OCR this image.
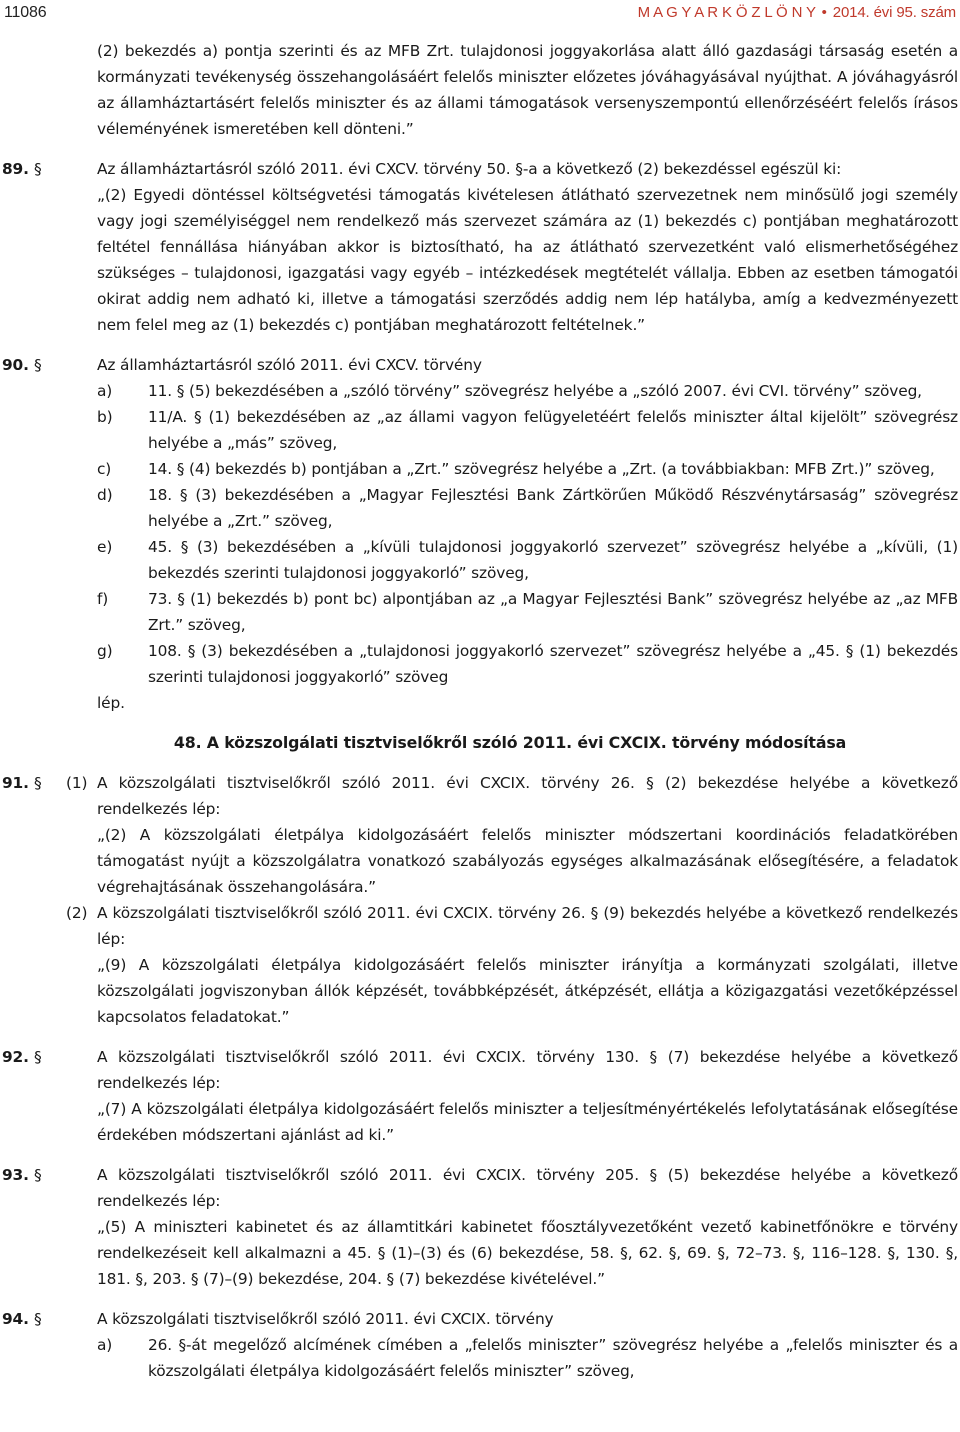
11086	M A G Y A R K Ö Z L Ö N Y • 2014. évi 95. szám

(2) bekezdés a) pontja szerinti és az MFB Zrt. tulajdonosi joggyakorlása alatt álló gazdasági társaság esetén a kormányzati tevékenység összehangolásáért felelős miniszter előzetes jóváhagyásával nyújthat. A jóváhagyásról az államháztartásért felelős miniszter és az állami támogatások versenyszempontú ellenőrzéséért felelős írásos véleményének ismeretében kell dönteni.”

89. §	Az államháztartásról szóló 2011. évi CXCV. törvény 50. §-a a következő (2) bekezdéssel egészül ki:

„(2) Egyedi döntéssel költségvetési támogatás kivételesen átlátható szervezetnek nem minősülő jogi személy vagy jogi személyiséggel nem rendelkező más szervezet számára az (1) bekezdés c) pontjában meghatározott feltétel fennállása hiányában akkor is biztosítható, ha az átlátható szervezetként való elismerhetőségéhez szükséges – tulajdonosi, igazgatási vagy egyéb – intézkedések megtételét vállalja. Ebben az esetben támogatói okirat addig nem adható ki, illetve a támogatási szerződés addig nem lép hatályba, amíg a kedvezményezett nem felel meg az (1) bekezdés c) pontjában meghatározott feltételnek.”

90. §	Az államháztartásról szóló 2011. évi CXCV. törvény

a) 11. § (5) bekezdésében a „szóló törvény” szövegrész helyébe a „szóló 2007. évi CVI. törvény” szöveg,

b) 11/A. § (1) bekezdésében az „az állami vagyon felügyeletéért felelős miniszter által kijelölt” szövegrész helyébe a „más” szöveg,

c) 14. § (4) bekezdés b) pontjában a „Zrt.” szövegrész helyébe a „Zrt. (a továbbiakban: MFB Zrt.)” szöveg,

d) 18. § (3) bekezdésében a „Magyar Fejlesztési Bank Zártkörűen Működő Részvénytársaság” szövegrész helyébe a „Zrt.” szöveg,

e) 45. § (3) bekezdésében a „kívüli tulajdonosi joggyakorló szervezet” szövegrész helyébe a „kívüli, (1) bekezdés szerinti tulajdonosi joggyakorló” szöveg,

f)	73. § (1) bekezdés b) pont bc) alpontjában az „a Magyar Fejlesztési Bank” szövegrész helyébe az „az MFB Zrt.” szöveg,

g) 108. § (3) bekezdésében a „tulajdonosi joggyakorló szervezet” szövegrész helyébe a „45. § (1) bekezdés szerinti tulajdonosi joggyakorló” szöveg

lép.

48. A közszolgálati tisztviselőkről szóló 2011. évi CXCIX. törvény módosítása
91. § (1) A közszolgálati tisztviselőkről szóló 2011. évi CXCIX. törvény 26. § (2) bekezdése helyébe a következő rendelkezés lép:

„(2) A közszolgálati életpálya kidolgozásáért felelős miniszter módszertani koordinációs feladatkörében támogatást nyújt a közszolgálatra vonatkozó szabályozás egységes alkalmazásának elősegítésére, a feladatok végrehajtásának összehangolására.”

(2) A közszolgálati tisztviselőkről szóló 2011. évi CXCIX. törvény 26. § (9) bekezdés helyébe a következő rendelkezés lép:

„(9) A közszolgálati életpálya kidolgozásáért felelős miniszter irányítja a kormányzati szolgálati, illetve közszolgálati jogviszonyban állók képzését, továbbképzését, átképzését, ellátja a közigazgatási vezetőképzéssel kapcsolatos feladatokat.”

92. §	A közszolgálati tisztviselőkről szóló 2011. évi CXCIX. törvény 130. § (7) bekezdése helyébe a következő rendelkezés lép:

„(7) A közszolgálati életpálya kidolgozásáért felelős miniszter a teljesítményértékelés lefolytatásának elősegítése érdekében módszertani ajánlást ad ki.”

93. §	A közszolgálati tisztviselőkről szóló 2011. évi CXCIX. törvény 205. § (5) bekezdése helyébe a következő rendelkezés lép:

„(5) A miniszteri kabinetet és az államtitkári kabinetet főosztályvezetőként vezető kabinetfőnökre e törvény rendelkezéseit kell alkalmazni a 45. § (1)–(3) és (6) bekezdése, 58. §, 62. §, 69. §, 72–73. §, 116–128. §, 130. §, 181. §, 203. § (7)–(9) bekezdése, 204. § (7) bekezdése kivételével.”

94. §	A közszolgálati tisztviselőkről szóló 2011. évi CXCIX. törvény

a) 26. §-át megelőző alcímének címében a „felelős miniszter” szövegrész helyébe a „felelős miniszter és a közszolgálati életpálya kidolgozásáért felelős miniszter” szöveg,
